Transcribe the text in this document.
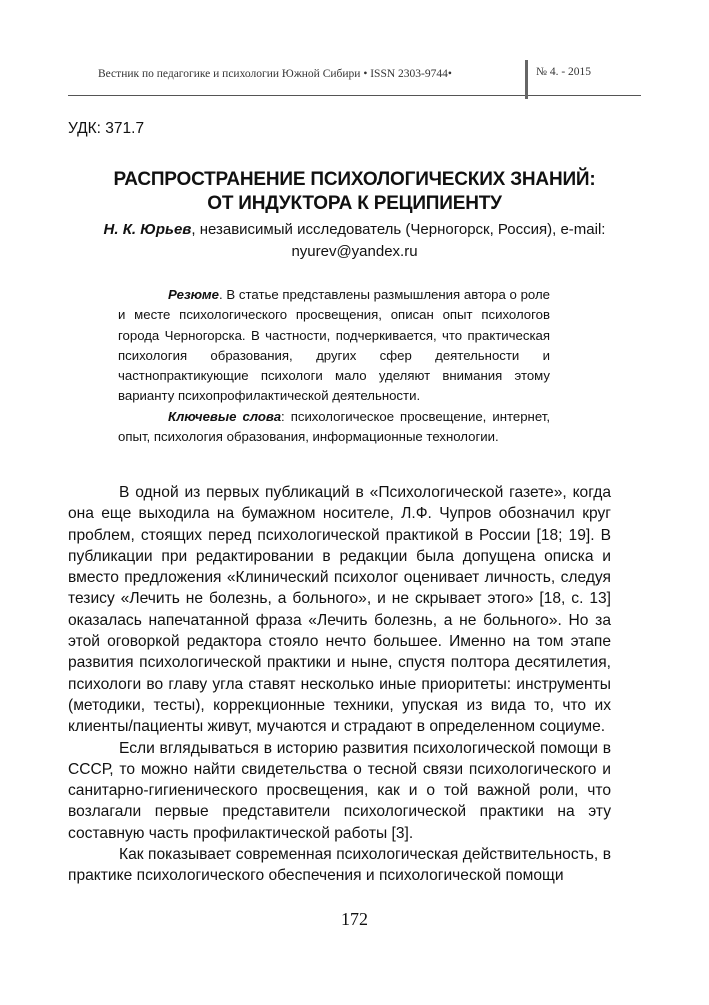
Вестник по педагогике и психологии Южной Сибири • ISSN 2303-9744•	№ 4. - 2015
УДК: 371.7
РАСПРОСТРАНЕНИЕ ПСИХОЛОГИЧЕСКИХ ЗНАНИЙ:
ОТ ИНДУКТОРА К РЕЦИПИЕНТУ
Н. К. Юрьев, независимый исследователь (Черногорск, Россия), e-mail:
nyurev@yandex.ru

Резюме. В статье представлены размышления автора о роле и месте психологического просвещения, описан опыт психологов города Черногорска. В частности, подчеркивается, что практическая психология образования, других сфер деятельности и частнопрактикующие психологи мало уделяют внимания этому варианту психопрофилактической деятельности.

Ключевые слова: психологическое просвещение, интернет, опыт, психология образования, информационные технологии.

В одной из первых публикаций в «Психологической газете», когда она еще выходила на бумажном носителе, Л.Ф. Чупров обозначил круг проблем, стоящих перед психологической практикой в России [18; 19]. В публикации при редактировании в редакции была допущена описка и вместо предложения «Клинический психолог оценивает личность, следуя тезису «Лечить не болезнь, а больного», и не скрывает этого» [18, с. 13] оказалась напечатанной фраза «Лечить болезнь, а не больного». Но за этой оговоркой редактора стояло нечто большее. Именно на том этапе развития психологической практики и ныне, спустя полтора десятилетия, психологи во главу угла ставят несколько иные приоритеты: инструменты (методики, тесты), коррекционные техники, упуская из вида то, что их клиенты/пациенты живут, мучаются и страдают в определенном социуме.

Если вглядываться в историю развития психологической помощи в СССР, то можно найти свидетельства о тесной связи психологического и санитарно-гигиенического просвещения, как и о той важной роли, что возлагали первые представители психологической практики на эту составную часть профилактической работы [3].

Как показывает современная психологическая действительность, в практике психологического обеспечения и психологической помощи

172
